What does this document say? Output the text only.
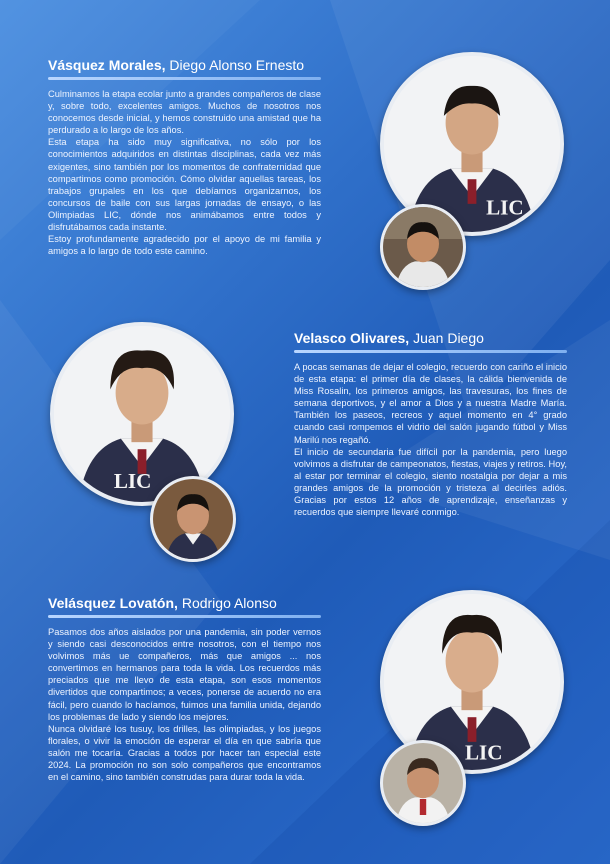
Vásquez Morales, Diego Alonso Ernesto

Culminamos la etapa ecolar junto a grandes compañeros de clase y, sobre todo, excelentes amigos. Muchos de nosotros nos conocemos desde inicial, y hemos construido una amistad que ha perdurado a lo largo de los años.

Esta etapa ha sido muy significativa, no sólo por los conocimientos adquiridos en distintas disciplinas, cada vez más exigentes, sino también por los momentos de confraternidad que compartimos como promoción. Cómo olvidar aquellas tareas, los trabajos grupales en los que debíamos organizarnos, los concursos de baile con sus largas jornadas de ensayo, o las Olimpiadas LIC, dónde nos animábamos entre todos y disfrutábamos cada instante.

Estoy profundamente agradecido por el apoyo de mi familia y amigos a lo largo de todo este camino.

LIC
LIC
Velasco Olivares, Juan Diego

A pocas semanas de dejar el colegio, recuerdo con cariño el inicio de esta etapa: el primer día de clases, la cálida bienvenida de Miss Rosalin, los primeros amigos, las travesuras, los fines de semana deportivos, y el amor a Dios y a nuestra Madre María. También los paseos, recreos y aquel momento en 4° grado cuando casi rompemos el vidrio del salón jugando fútbol y Miss Marilú nos regañó.

El inicio de secundaria fue difícil por la pandemia, pero luego volvimos a disfrutar de campeonatos, fiestas, viajes y retiros. Hoy, al estar por terminar el colegio, siento nostalgia por dejar a mis grandes amigos de la promoción y tristeza al decirles adiós. Gracias por estos 12 años de aprendizaje, enseñanzas y recuerdos que siempre llevaré conmigo.

Velásquez Lovatón, Rodrigo Alonso

Pasamos dos años aislados por una pandemia, sin poder vernos y siendo casi desconocidos entre nosotros, con el tiempo nos volvimos más ue compañeros, más que amigos ... nos convertimos en hermanos para toda la vida. Los recuerdos más preciados que me llevo de esta etapa, son esos momentos divertidos que compartimos; a veces, ponerse de acuerdo no era fácil, pero cuando lo hacíamos, fuimos una familia unida, dejando los problemas de lado y siendo los mejores.

Nunca olvidaré los tusuy, los drilles, las olimpiadas, y los juegos florales, o vivir la emoción de esperar el día en que sabría que salón me tocaría. Gracias a todos por hacer tan especial este 2024. La promoción no son solo compañeros que encontramos en el camino, sino también construdas para durar toda la vida.

LIC
